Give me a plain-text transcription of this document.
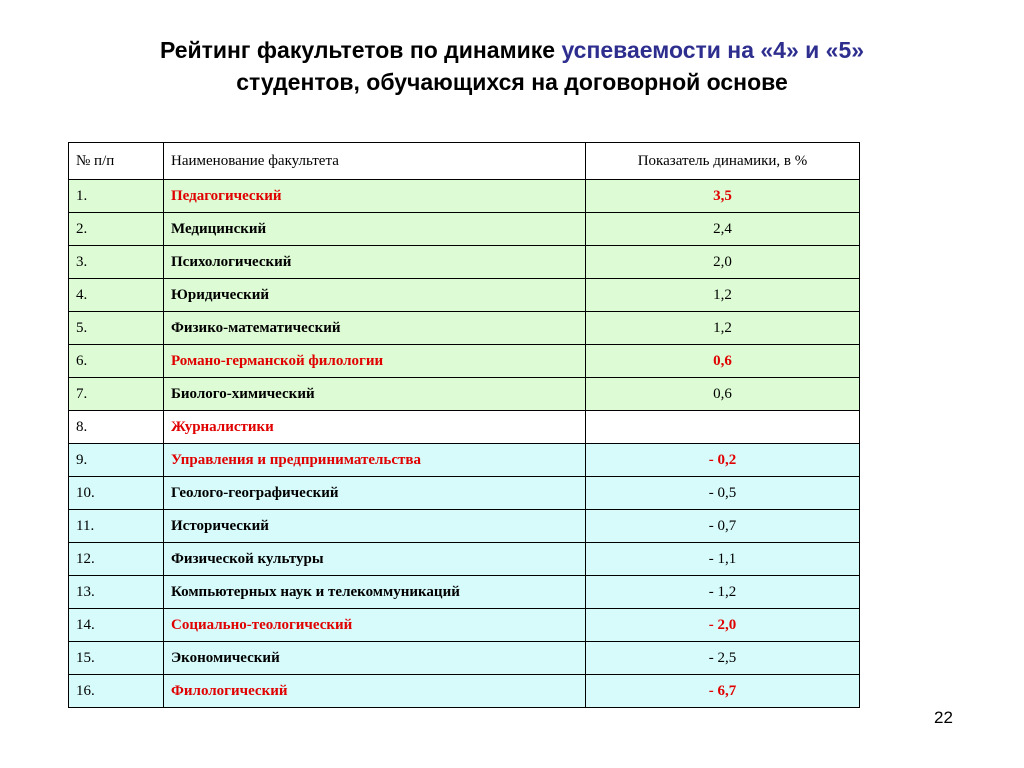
Рейтинг факультетов по динамике успеваемости на «4» и «5»
студентов, обучающихся на договорной основе
№ п/п	Наименование факультета	Показатель динамики, в %
1.	Педагогический	3,5
2.	Медицинский	2,4
3.	Психологический	2,0
4.	Юридический	1,2
5.	Физико-математический	1,2
6.	Романо-германской филологии	0,6
7.	Биолого-химический	0,6
8.	Журналистики	
9.	Управления и предпринимательства	- 0,2
10.	Геолого-географический	- 0,5
11.	Исторический	- 0,7
12.	Физической культуры	- 1,1
13.	Компьютерных наук и телекоммуникаций	- 1,2
14.	Социально-теологический	- 2,0
15.	Экономический	- 2,5
16.	Филологический	- 6,7
22
